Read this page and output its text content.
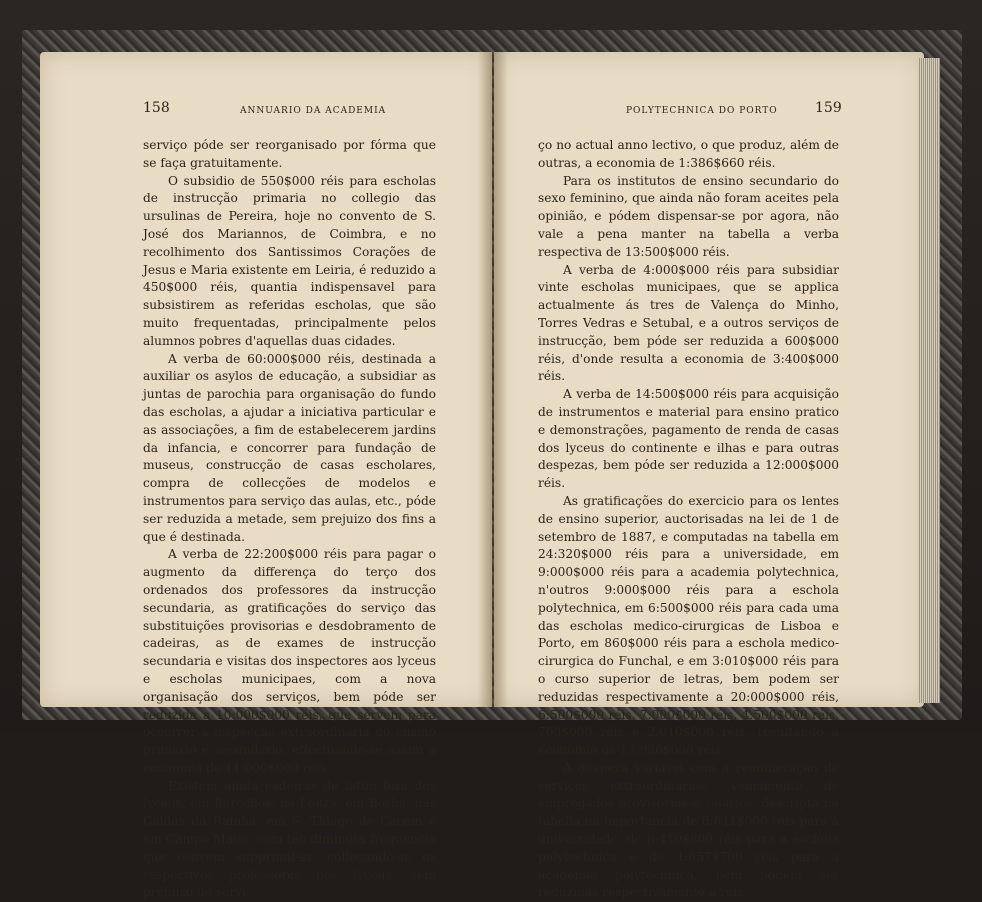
158	ANNUARIO DA ACADEMIA	POLYTECHNICA DO PORTO	159

serviço póde ser reorganisado por fórma que se faça gratuitamente.

O subsidio de 550$000 réis para escholas de instrucção primaria no collegio das ursulinas de Pereira, hoje no convento de S. José dos Mariannos, de Coimbra, e no recolhimento dos Santissimos Corações de Jesus e Maria existente em Leiria, é reduzido a 450$000 réis, quantia indispensavel para subsistirem as referidas escholas, que são muito frequentadas, principalmente pelos alumnos pobres d'aquellas duas cidades.

A verba de 60:000$000 réis, destinada a auxiliar os asylos de educação, a subsidiar as juntas de parochia para organisação do fundo das escholas, a ajudar a iniciativa particular e as associações, a fim de estabelecerem jardins da infancia, e concorrer para fundação de museus, construcção de casas escholares, compra de collecções de modelos e instrumentos para serviço das aulas, etc., póde ser reduzida a metade, sem prejuizo dos fins a que é destinada.

A verba de 22:200$000 réis para pagar o augmento da differença do terço dos ordenados dos professores da instrucção secundaria, as gratificações do serviço das substituições provisorias e desdobramento de cadeiras, as de exames de instrucção secundaria e visitas dos inspectores aos lyceus e escholas municipaes, com a nova organisação dos serviços, bem póde ser reduzida a 10:000$000 réis, que servem para occorrer á inspecção extraordinaria do ensino primario e secundario, effectuando-se assim a economia de 11:000$000 réis.

Existem ainda cadeiras de latim fóra dos lyceus, em Barcellos, na Louzã, em Borba, nas Caldas da Rainha, em S. Thiago de Cacem e em Campo Maior, com tão diminuta frequencia que convem supprimil-as, collocando-se os respectivos professores nos lyceus, sem prejuizo do servi-

ço no actual anno lectivo, o que produz, além de outras, a economia de 1:386$660 réis.

Para os institutos de ensino secundario do sexo feminino, que ainda não foram aceites pela opinião, e pódem dispensar-se por agora, não vale a pena manter na tabella a verba respectiva de 13:500$000 réis.

A verba de 4:000$000 réis para subsidiar vinte escholas municipaes, que se applica actualmente ás tres de Valença do Minho, Torres Vedras e Setubal, e a outros serviços de instrucção, bem póde ser reduzida a 600$000 réis, d'onde resulta a economia de 3:400$000 réis.

A verba de 14:500$000 réis para acquisição de instrumentos e material para ensino pratico e demonstrações, pagamento de renda de casas dos lyceus do continente e ilhas e para outras despezas, bem póde ser reduzida a 12:000$000 réis.

As gratificações do exercicio para os lentes de ensino superior, auctorisadas na lei de 1 de setembro de 1887, e computadas na tabella em 24:320$000 réis para a universidade, em 9:000$000 réis para a academia polytechnica, n'outros 9:000$000 réis para a eschola polytechnica, em 6:500$000 réis para cada uma das escholas medico-cirurgicas de Lisboa e Porto, em 860$000 réis para a eschola medico-cirurgica do Funchal, e em 3:010$000 réis para o curso superior de letras, bem podem ser reduzidas respectivamente a 20:000$000 réis, 6:500$000 réis, 7:000$000 réis, 4:500$000 réis, 700$000 réis e 2:010$000 réis, resultando a economia de 13:980$000 réis.

A despeza variavel com a remuneração de serviços extraordinarios, vencimento de empregados provisorios e salarios, descripta na tabella na importancia de 6:641$000 réis para a universidade, de 8:410$800 réis para a eschola polytechnica e de 1:657$700 réis para a academia polytechnica, bem podem ser reduzidas respectivamente a réis
